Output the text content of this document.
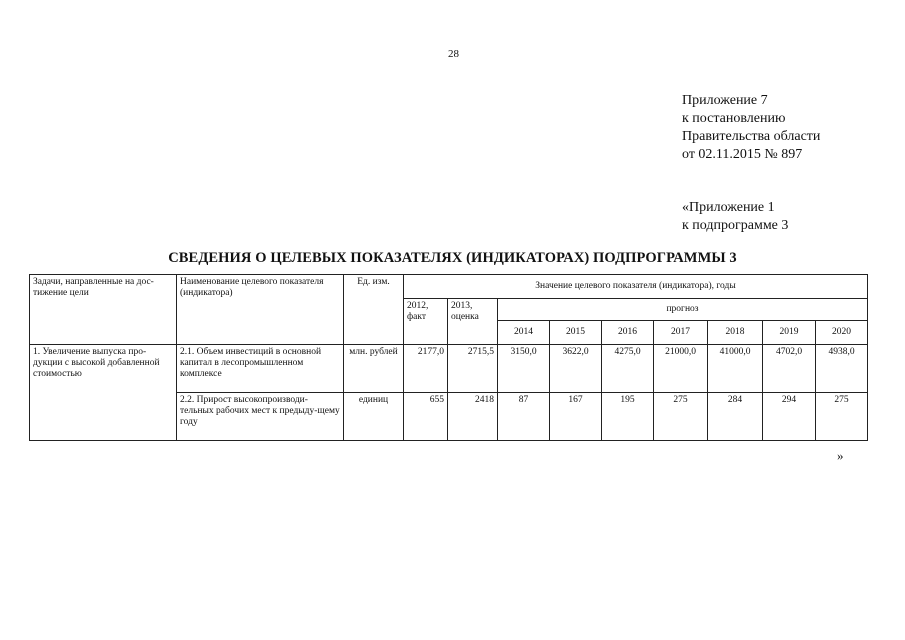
28
Приложение 7
к постановлению
Правительства области
от 02.11.2015 № 897
«Приложение 1
к подпрограмме 3
СВЕДЕНИЯ О ЦЕЛЕВЫХ ПОКАЗАТЕЛЯХ (ИНДИКАТОРАХ) ПОДПРОГРАММЫ 3
Задачи, направленные на дос-тижение цели	Наименование целевого показателя (индикатора)	Ед. изм.	Значение целевого показателя (индикатора), годы								
			2012, факт	2013, оценка	прогноз						
					2014	2015	2016	2017	2018	2019	2020
1. Увеличение выпуска про-дукции с высокой добавленной стоимостью	2.1. Объем инвестиций в основной капитал в лесопромышленном комплексе	млн. рублей	2177,0	2715,5	3150,0	3622,0	4275,0	21000,0	41000,0	4702,0	4938,0
	2.2. Прирост высокопроизводи-тельных рабочих мест к предыду-щему году	единиц	655	2418	87	167	195	275	284	294	275
»
